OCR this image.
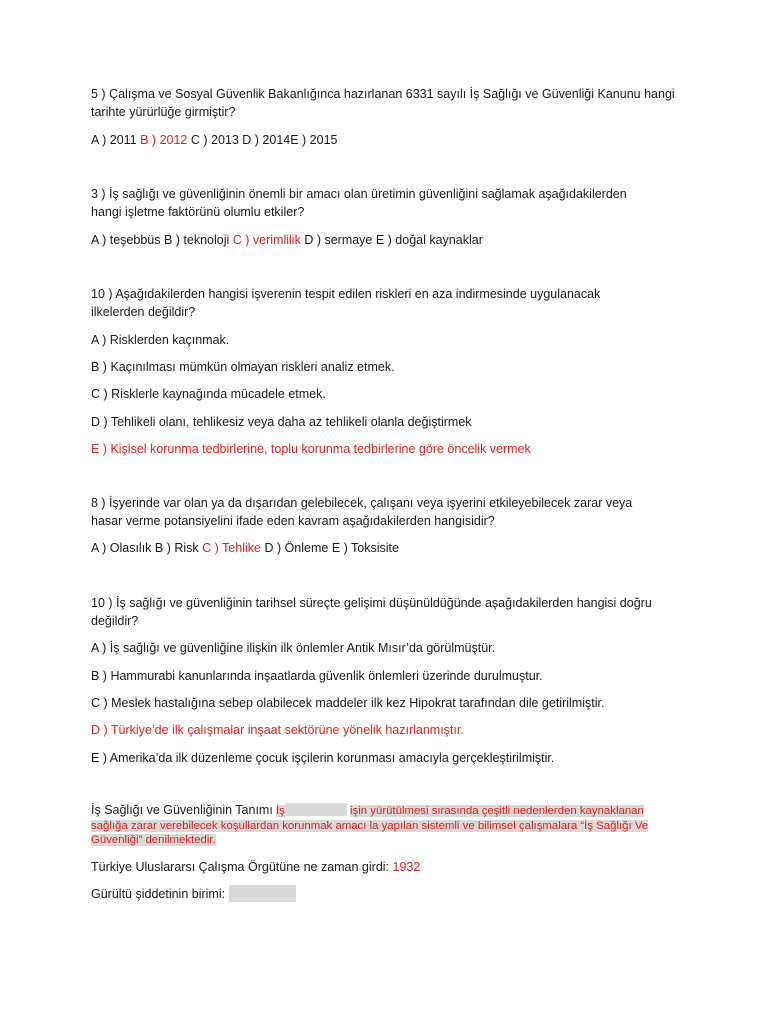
5 ) Çalışma ve Sosyal Güvenlik Bakanlığınca hazırlanan 6331 sayılı İş Sağlığı ve Güvenliği Kanunu hangi
tarihte yürürlüğe girmiştir?
A ) 2011 B ) 2012 C ) 2013 D ) 2014E ) 2015
3 ) İş sağlığı ve güvenliğinin önemli bir amacı olan üretimin güvenliğini sağlamak aşağıdakilerden
hangi işletme faktörünü olumlu etkiler?
A ) teşebbüs B ) teknoloji C ) verimlilik D ) sermaye E ) doğal kaynaklar
10 ) Aşağıdakilerden hangisi işverenin tespit edilen riskleri en aza indirmesinde uygulanacak
ilkelerden değildir?
A ) Risklerden kaçınmak.
B ) Kaçınılması mümkün olmayan riskleri analiz etmek.
C ) Risklerle kaynağında mücadele etmek.
D ) Tehlikeli olanı, tehlikesiz veya daha az tehlikeli olanla değiştirmek
E ) Kişisel korunma tedbirlerine, toplu korunma tedbirlerine göre öncelik vermek
8 ) İşyerinde var olan ya da dışarıdan gelebilecek, çalışanı veya işyerini etkileyebilecek zarar veya
hasar verme potansiyelini ifade eden kavram aşağıdakilerden hangisidir?
A ) Olasılık B ) Risk C ) Tehlike D ) Önleme E ) Toksisite
10 ) İş sağlığı ve güvenliğinin tarihsel süreçte gelişimi düşünüldüğünde aşağıdakilerden hangisi doğru
değildir?
A ) İş sağlığı ve güvenliğine ilişkin ilk önlemler Antik Mısır’da görülmüştür.
B ) Hammurabi kanunlarında inşaatlarda güvenlik önlemleri üzerinde durulmuştur.
C ) Meslek hastalığına sebep olabilecek maddeler ilk kez Hipokrat tarafından dile getirilmiştir.
D ) Türkiye’de ilk çalışmalar inşaat sektörüne yönelik hazırlanmıştır.
E ) Amerika’da ilk düzenleme çocuk işçilerin korunması amacıyla gerçekleştirilmiştir.
İş Sağlığı ve Güvenliğinin Tanımı İş	işin yürütülmesi sırasında çeşitli nedenlerden kaynaklanan sağlığa zarar verebilecek koşullardan korunmak amacı la yapılan sistemli ve bilimsel çalışmalara “İş Sağlığı Ve Güvenliği” denilmektedir.
Türkiye Uluslararsı Çalışma Örgütüne ne zaman girdi: 1932
Gürültü şiddetinin birimi:
